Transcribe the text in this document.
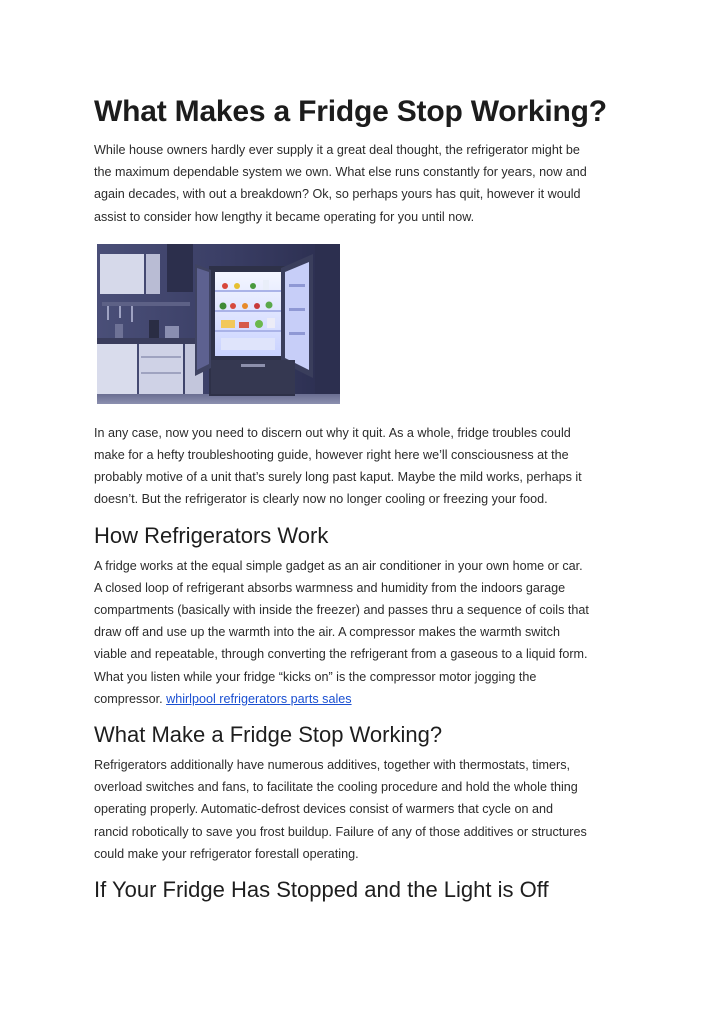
What Makes a Fridge Stop Working?

While house owners hardly ever supply it a great deal thought, the refrigerator might be
the maximum dependable system we own. What else runs constantly for years, now and
again decades, with out a breakdown? Ok, so perhaps yours has quit, however it would
assist to consider how lengthy it became operating for you until now.

In any case, now you need to discern out why it quit. As a whole, fridge troubles could
make for a hefty troubleshooting guide, however right here we’ll consciousness at the
probably motive of a unit that’s surely long past kaput. Maybe the mild works, perhaps it
doesn’t. But the refrigerator is clearly now no longer cooling or freezing your food.

How Refrigerators Work

A fridge works at the equal simple gadget as an air conditioner in your own home or car.
A closed loop of refrigerant absorbs warmness and humidity from the indoors garage
compartments (basically with inside the freezer) and passes thru a sequence of coils that
draw off and use up the warmth into the air. A compressor makes the warmth switch
viable and repeatable, through converting the refrigerant from a gaseous to a liquid form.
What you listen while your fridge “kicks on” is the compressor motor jogging the
compressor. whirlpool refrigerators parts sales

What Make a Fridge Stop Working?

Refrigerators additionally have numerous additives, together with thermostats, timers,
overload switches and fans, to facilitate the cooling procedure and hold the whole thing
operating properly. Automatic-defrost devices consist of warmers that cycle on and
rancid robotically to save you frost buildup. Failure of any of those additives or structures
could make your refrigerator forestall operating.

If Your Fridge Has Stopped and the Light is Off
